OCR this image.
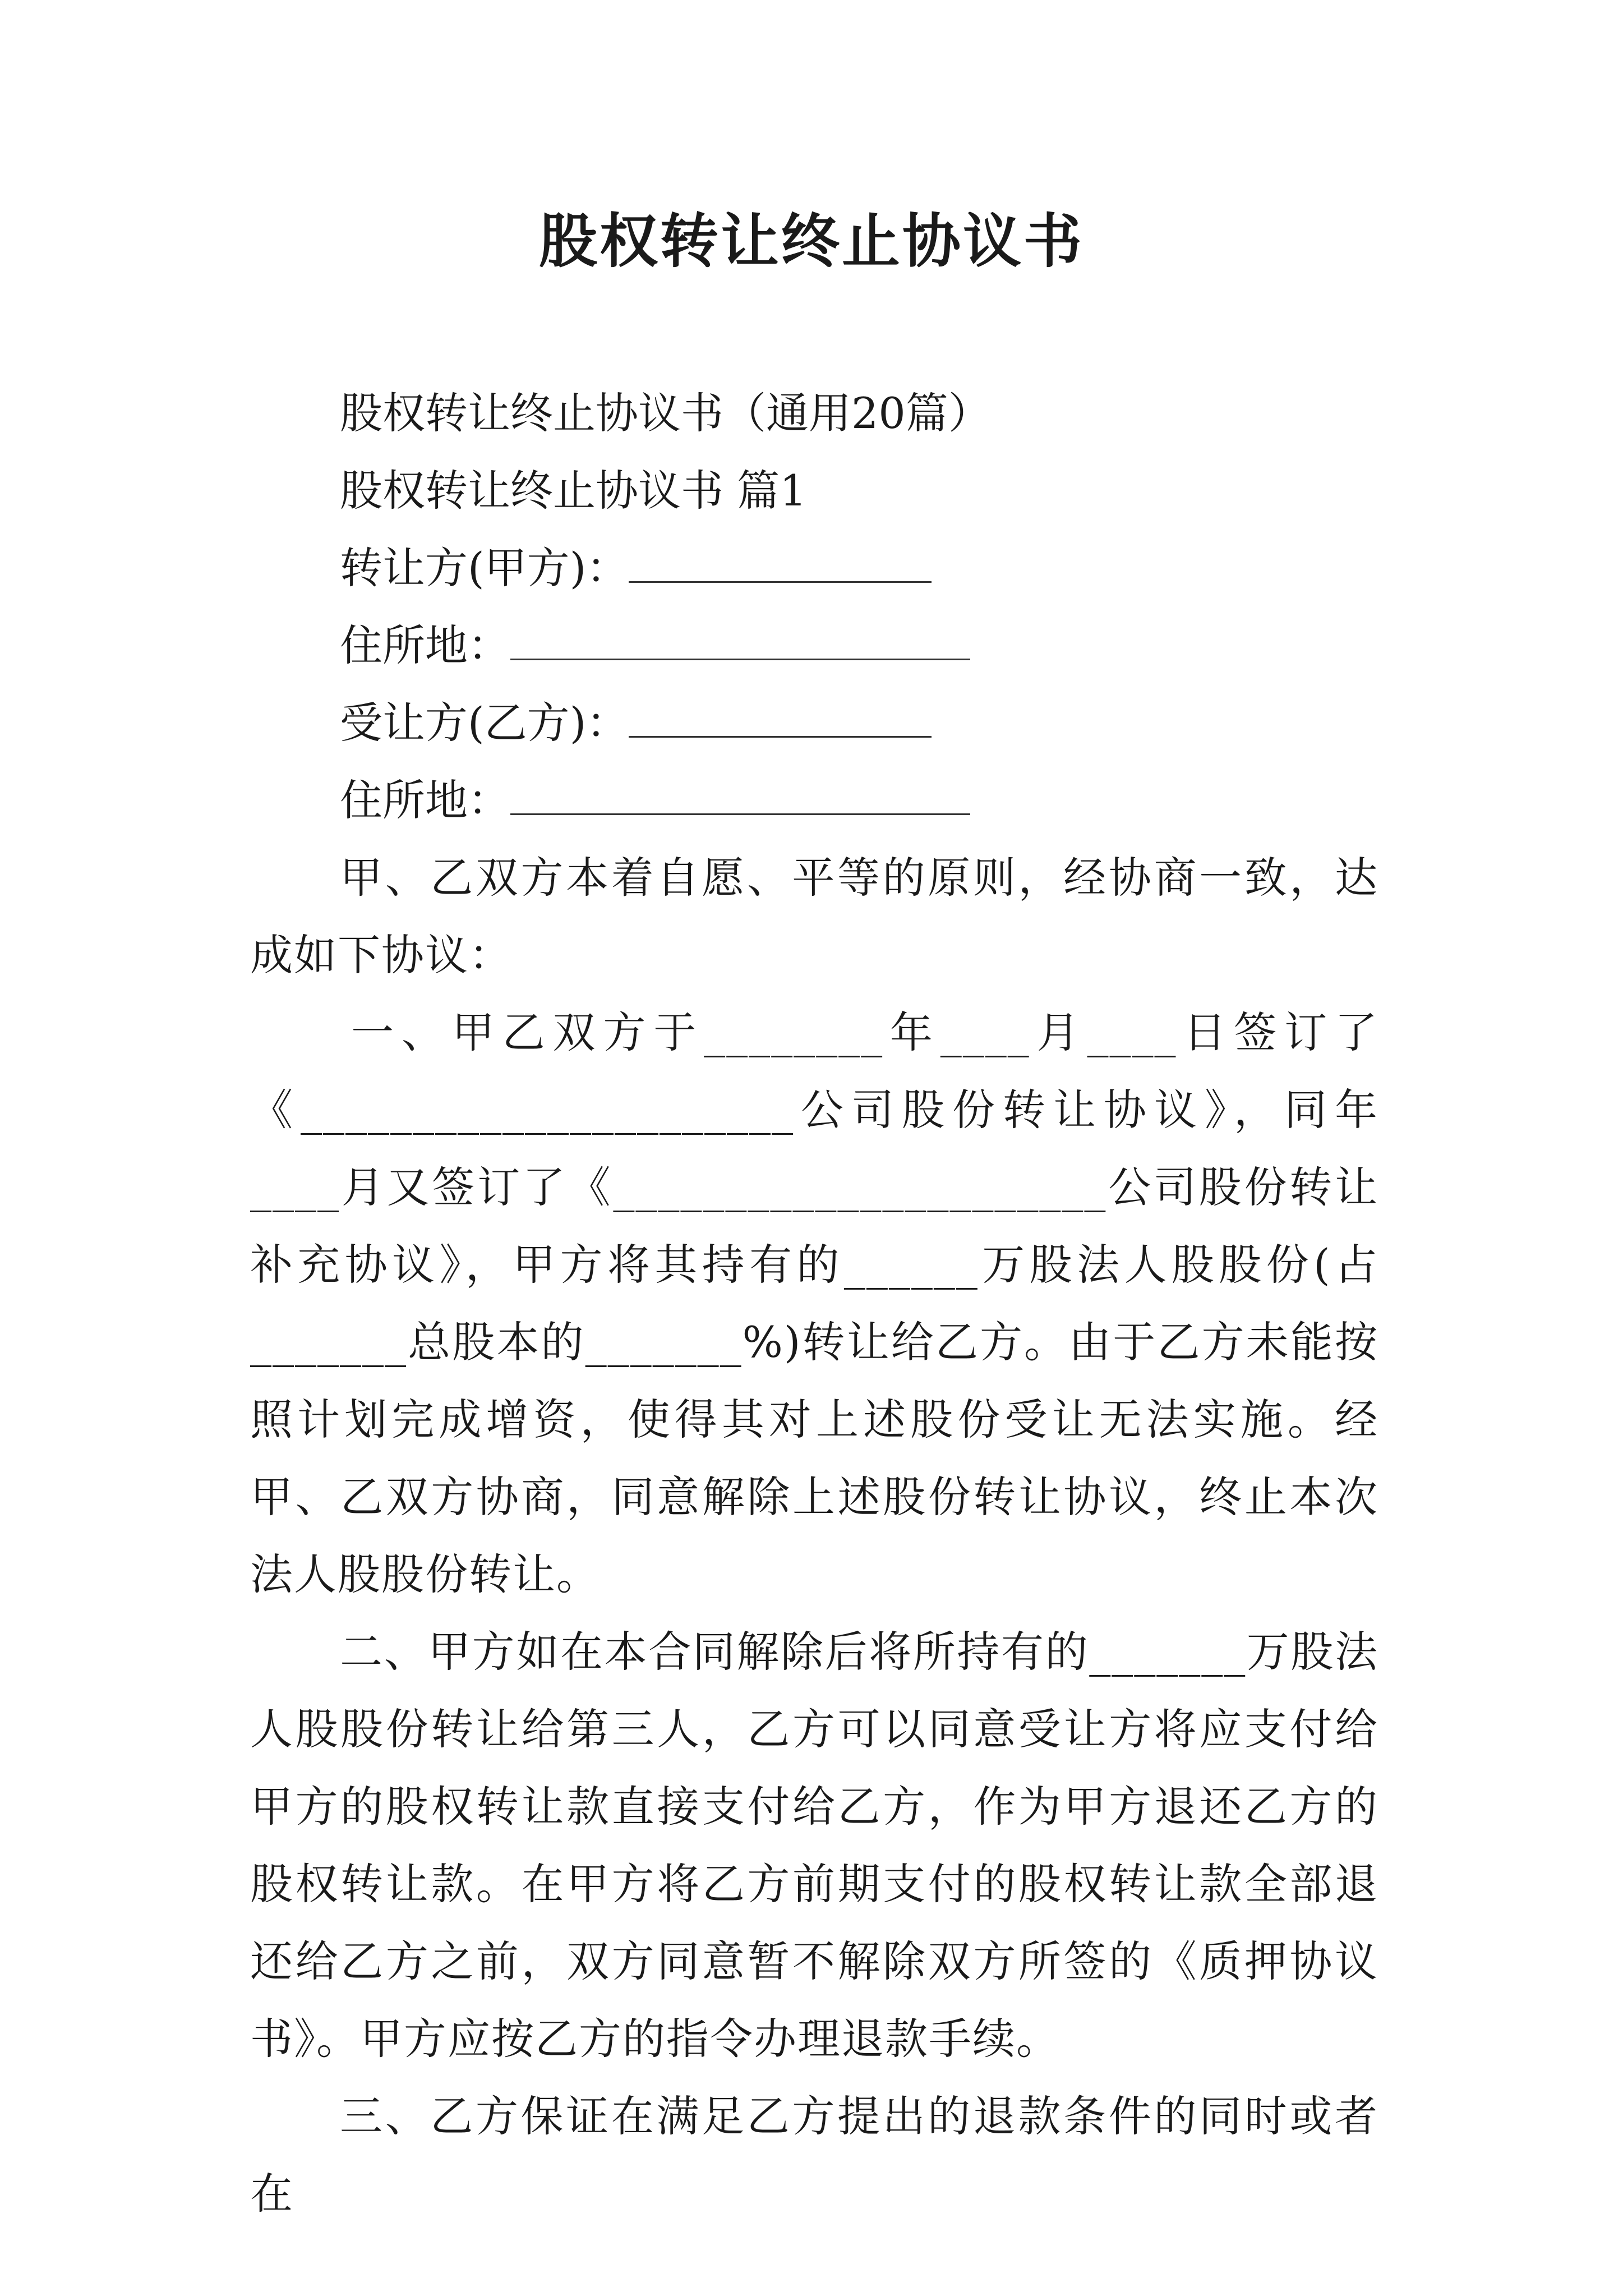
股权转让终止协议书

股权转让终止协议书（通用20篇）

股权转让终止协议书 篇1

转让方(甲方)：

住所地：

受让方(乙方)：

住所地：

甲、乙双方本着自愿、平等的原则，经协商一致，达成如下协议：

一、甲乙双方于________年____月____日签订了《______________________公司股份转让协议》，同年____月又签订了《______________________公司股份转让补充协议》，甲方将其持有的______万股法人股股份(占_______总股本的_______%)转让给乙方。由于乙方未能按照计划完成增资，使得其对上述股份受让无法实施。经甲、乙双方协商，同意解除上述股份转让协议，终止本次法人股股份转让。

二、甲方如在本合同解除后将所持有的_______万股法人股股份转让给第三人，乙方可以同意受让方将应支付给甲方的股权转让款直接支付给乙方，作为甲方退还乙方的股权转让款。在甲方将乙方前期支付的股权转让款全部退还给乙方之前，双方同意暂不解除双方所签的《质押协议书》。甲方应按乙方的指令办理退款手续。

三、乙方保证在满足乙方提出的退款条件的同时或者在
